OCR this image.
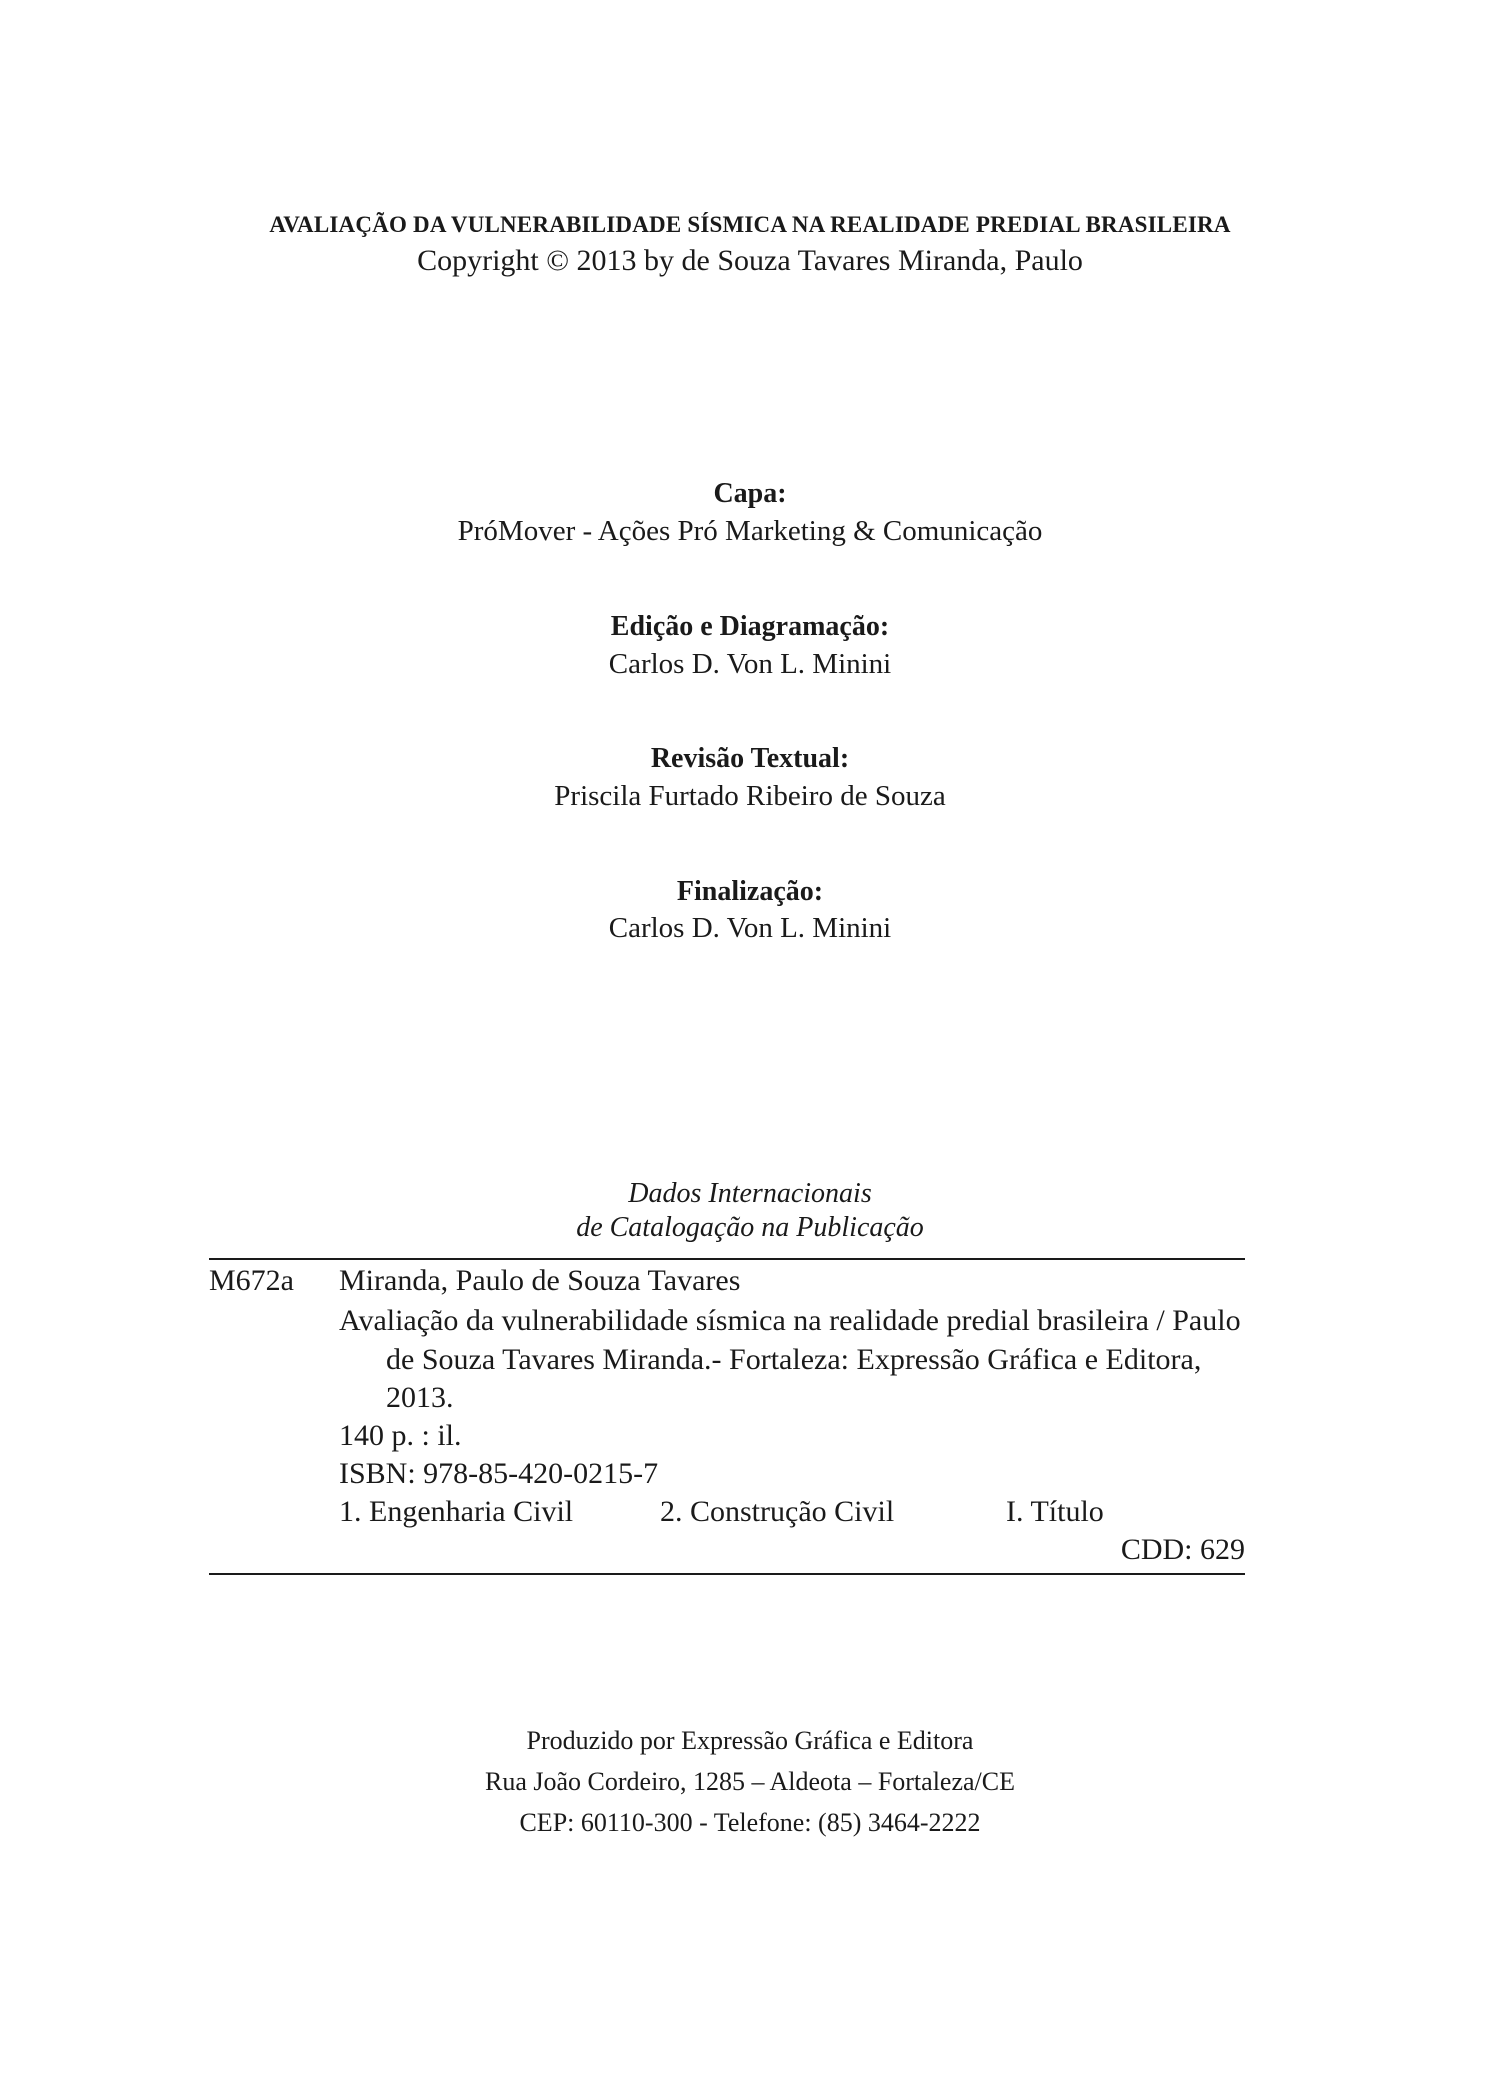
AVALIAÇÃO DA VULNERABILIDADE SÍSMICA NA REALIDADE PREDIAL BRASILEIRA
Copyright © 2013 by de Souza Tavares Miranda, Paulo
Capa:
PróMover - Ações Pró Marketing & Comunicação
Edição e Diagramação:
Carlos D. Von L. Minini
Revisão Textual:
Priscila Furtado Ribeiro de Souza
Finalização:
Carlos D. Von L. Minini
Dados Internacionais
de Catalogação na Publicação
M672a Miranda, Paulo de Souza Tavares
Avaliação da vulnerabilidade sísmica na realidade predial brasileira / Paulo
de Souza Tavares Miranda.- Fortaleza: Expressão Gráfica e Editora,
2013.
140 p. : il.
ISBN: 978-85-420-0215-7
1. Engenharia Civil	2. Construção Civil	I. Título
CDD: 629
Produzido por Expressão Gráfica e Editora
Rua João Cordeiro, 1285 – Aldeota – Fortaleza/CE
CEP: 60110-300 - Telefone: (85) 3464-2222
